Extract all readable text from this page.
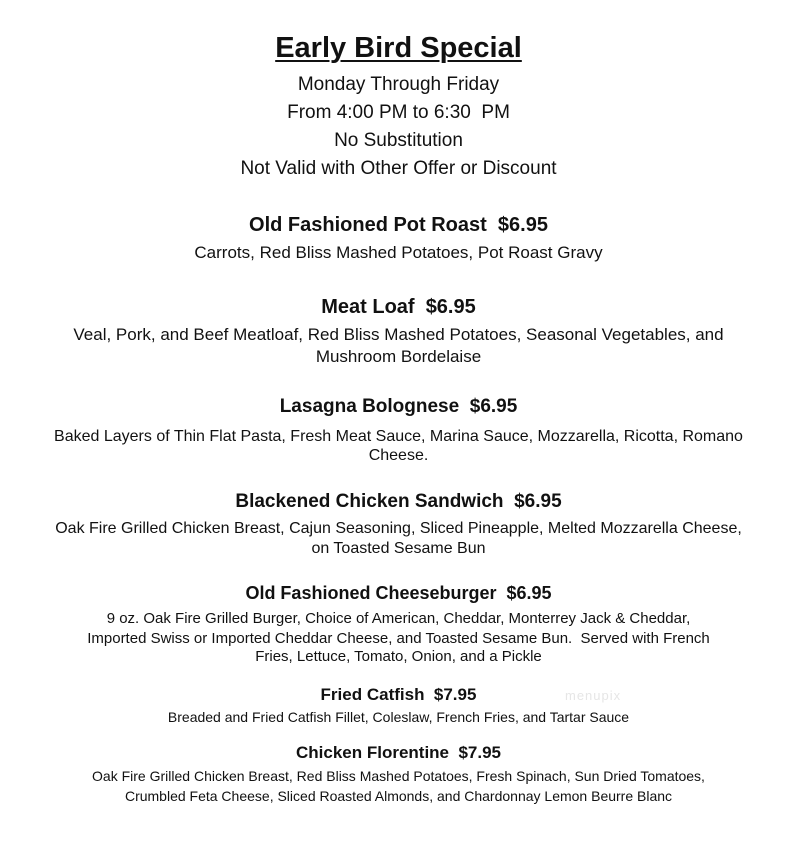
Early Bird Special
Monday Through Friday
From 4:00 PM to 6:30  PM
No Substitution
Not Valid with Other Offer or Discount
Old Fashioned Pot Roast  $6.95
Carrots, Red Bliss Mashed Potatoes, Pot Roast Gravy
Meat Loaf  $6.95
Veal, Pork, and Beef Meatloaf, Red Bliss Mashed Potatoes, Seasonal Vegetables, and
Mushroom Bordelaise
Lasagna Bolognese  $6.95
Baked Layers of Thin Flat Pasta, Fresh Meat Sauce, Marina Sauce, Mozzarella, Ricotta, Romano
Cheese.
Blackened Chicken Sandwich  $6.95
Oak Fire Grilled Chicken Breast, Cajun Seasoning, Sliced Pineapple, Melted Mozzarella Cheese,
on Toasted Sesame Bun
Old Fashioned Cheeseburger  $6.95
9 oz. Oak Fire Grilled Burger, Choice of American, Cheddar, Monterrey Jack & Cheddar,
Imported Swiss or Imported Cheddar Cheese, and Toasted Sesame Bun.  Served with French
Fries, Lettuce, Tomato, Onion, and a Pickle
Fried Catfish  $7.95
Breaded and Fried Catfish Fillet, Coleslaw, French Fries, and Tartar Sauce
Chicken Florentine  $7.95
Oak Fire Grilled Chicken Breast, Red Bliss Mashed Potatoes, Fresh Spinach, Sun Dried Tomatoes,
Crumbled Feta Cheese, Sliced Roasted Almonds, and Chardonnay Lemon Beurre Blanc
menupix
